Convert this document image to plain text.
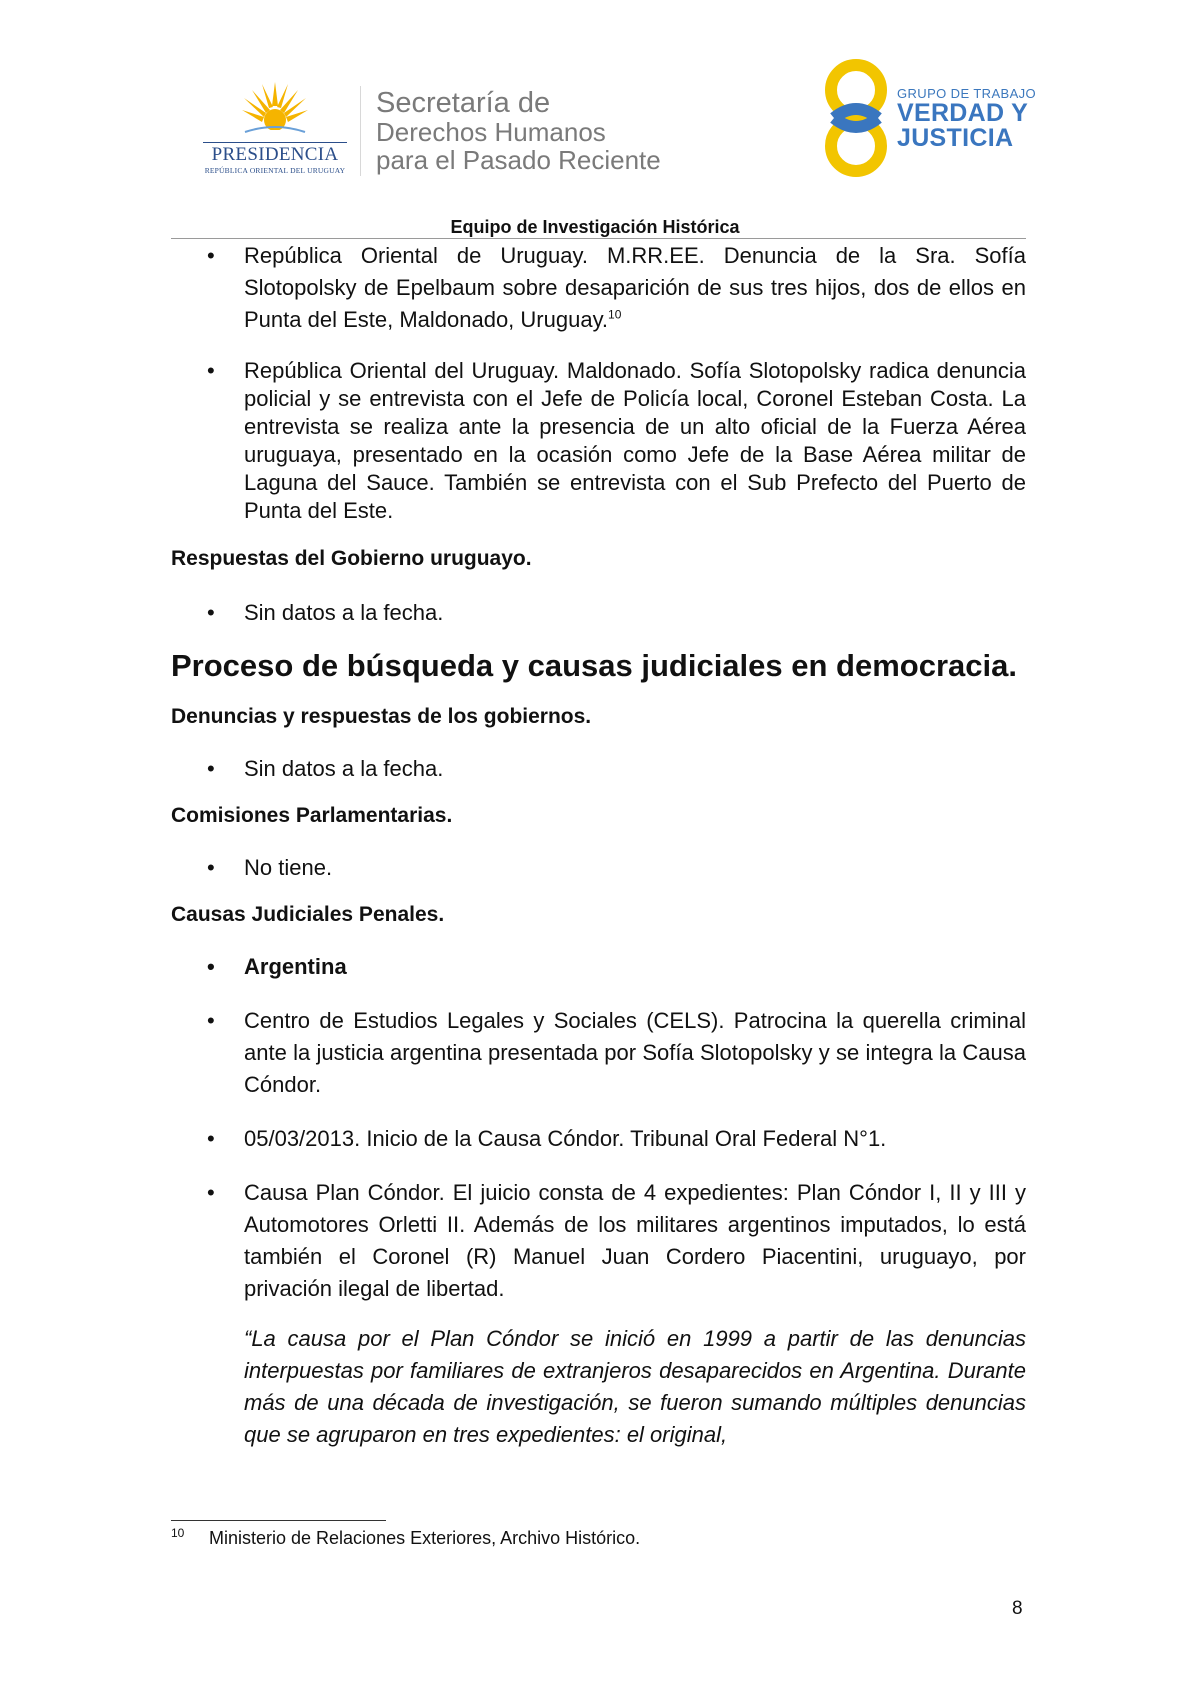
PRESIDENCIA
REPÚBLICA ORIENTAL DEL URUGUAY
Secretaría de
Derechos Humanos
para el Pasado Reciente
GRUPO DE TRABAJO
VERDAD Y
JUSTICIA
Equipo de Investigación Histórica
• República Oriental de Uruguay. M.RR.EE. Denuncia de la Sra. Sofía Slotopolsky de Epelbaum sobre desaparición de sus tres hijos, dos de ellos en Punta del Este, Maldonado, Uruguay.$^{10}$
• República Oriental del Uruguay. Maldonado. Sofía Slotopolsky radica denuncia policial y se entrevista con el Jefe de Policía local, Coronel Esteban Costa. La entrevista se realiza ante la presencia de un alto oficial de la Fuerza Aérea uruguaya, presentado en la ocasión como Jefe de la Base Aérea militar de Laguna del Sauce. También se entrevista con el Sub Prefecto del Puerto de Punta del Este.
Respuestas del Gobierno uruguayo.
• Sin datos a la fecha.
Proceso de búsqueda y causas judiciales en democracia.
Denuncias y respuestas de los gobiernos.
• Sin datos a la fecha.
Comisiones Parlamentarias.
• No tiene.
Causas Judiciales Penales.
• Argentina
• Centro de Estudios Legales y Sociales (CELS). Patrocina la querella criminal ante la justicia argentina presentada por Sofía Slotopolsky y se integra la Causa Cóndor.
• 05/03/2013. Inicio de la Causa Cóndor. Tribunal Oral Federal N°1.
• Causa Plan Cóndor. El juicio consta de 4 expedientes: Plan Cóndor I, II y III y Automotores Orletti II. Además de los militares argentinos imputados, lo está también el Coronel (R) Manuel Juan Cordero Piacentini, uruguayo, por privación ilegal de libertad.
“La causa por el Plan Cóndor se inició en 1999 a partir de las denuncias interpuestas por familiares de extranjeros desaparecidos en Argentina. Durante más de una década de investigación, se fueron sumando múltiples denuncias que se agruparon en tres expedientes: el original,
10 Ministerio de Relaciones Exteriores, Archivo Histórico.
8
